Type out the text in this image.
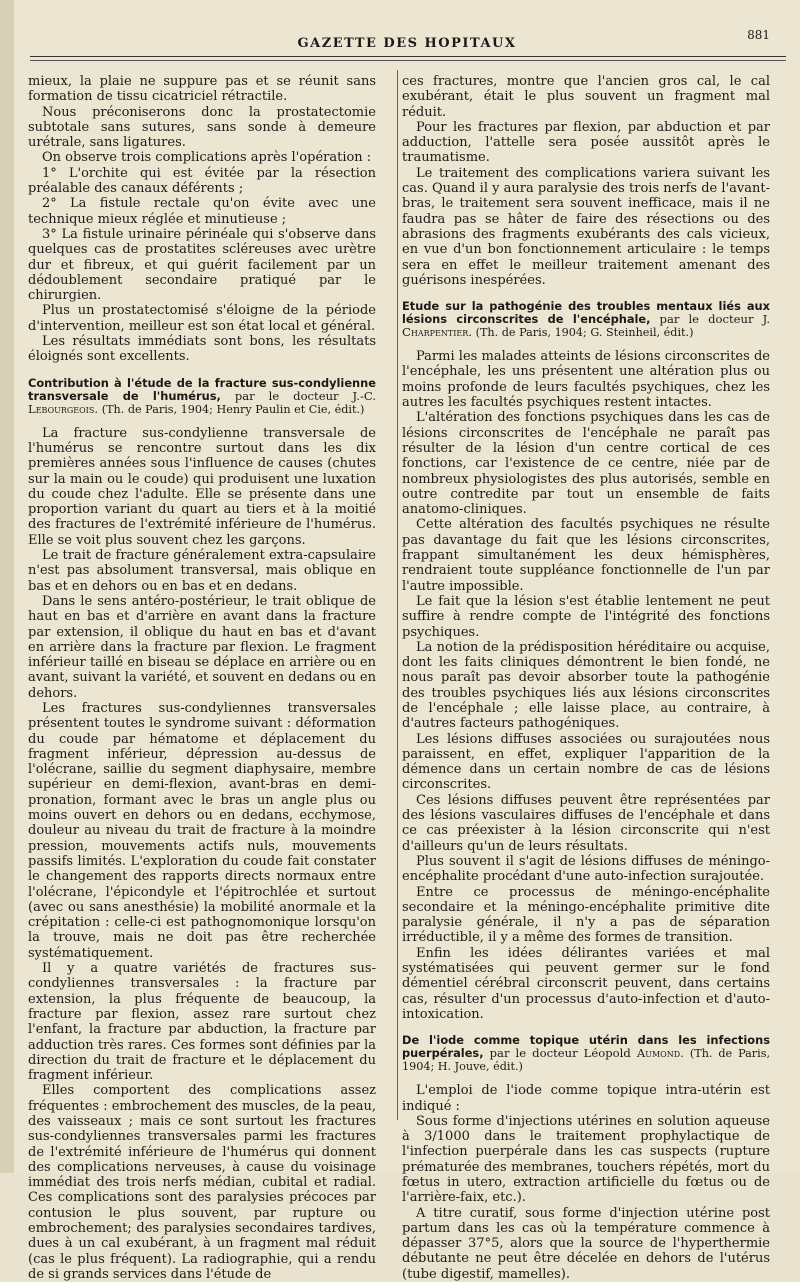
GAZETTE DES HOPITAUX
881

mieux, la plaie ne suppure pas et se réunit sans formation de tissu cicatriciel rétractile.

Nous préconiserons donc la prostatectomie subtotale sans sutures, sans sonde à demeure urétrale, sans ligatures.

On observe trois complications après l'opération :

1° L'orchite qui est évitée par la résection préalable des canaux déférents ;

2° La fistule rectale qu'on évite avec une technique mieux réglée et minutieuse ;

3° La fistule urinaire périnéale qui s'observe dans quelques cas de prostatites scléreuses avec urètre dur et fibreux, et qui guérit facilement par un dédoublement secondaire pratiqué par le chirurgien.

Plus un prostatectomisé s'éloigne de la période d'intervention, meilleur est son état local et général.

Les résultats immédiats sont bons, les résultats éloignés sont excellents.

Contribution à l'étude de la fracture sus-condylienne transversale de l'humérus, par le docteur J.-C. Lebourgeois. (Th. de Paris, 1904; Henry Paulin et Cie, édit.)

La fracture sus-condylienne transversale de l'humérus se rencontre surtout dans les dix premières années sous l'influence de causes (chutes sur la main ou le coude) qui produisent une luxation du coude chez l'adulte. Elle se présente dans une proportion variant du quart au tiers et à la moitié des fractures de l'extrémité inférieure de l'humérus. Elle se voit plus souvent chez les garçons.

Le trait de fracture généralement extra-capsulaire n'est pas absolument transversal, mais oblique en bas et en dehors ou en bas et en dedans.

Dans le sens antéro-postérieur, le trait oblique de haut en bas et d'arrière en avant dans la fracture par extension, il oblique du haut en bas et d'avant en arrière dans la fracture par flexion. Le fragment inférieur taillé en biseau se déplace en arrière ou en avant, suivant la variété, et souvent en dedans ou en dehors.

Les fractures sus-condyliennes transversales présentent toutes le syndrome suivant : déformation du coude par hématome et déplacement du fragment inférieur, dépression au-dessus de l'olécrane, saillie du segment diaphysaire, membre supérieur en demi-flexion, avant-bras en demi-pronation, formant avec le bras un angle plus ou moins ouvert en dehors ou en dedans, ecchymose, douleur au niveau du trait de fracture à la moindre pression, mouvements actifs nuls, mouvements passifs limités. L'exploration du coude fait constater le changement des rapports directs normaux entre l'olécrane, l'épicondyle et l'épitrochlée et surtout (avec ou sans anesthésie) la mobilité anormale et la crépitation : celle-ci est pathognomonique lorsqu'on la trouve, mais ne doit pas être recherchée systématiquement.

Il y a quatre variétés de fractures sus-condyliennes transversales : la fracture par extension, la plus fréquente de beaucoup, la fracture par flexion, assez rare surtout chez l'enfant, la fracture par abduction, la fracture par adduction très rares. Ces formes sont définies par la direction du trait de fracture et le déplacement du fragment inférieur.

Elles comportent des complications assez fréquentes : embrochement des muscles, de la peau, des vaisseaux ; mais ce sont surtout les fractures sus-condyliennes transversales parmi les fractures de l'extrémité inférieure de l'humérus qui donnent des complications nerveuses, à cause du voisinage immédiat des trois nerfs médian, cubital et radial. Ces complications sont des paralysies précoces par contusion le plus souvent, par rupture ou embrochement; des paralysies secondaires tardives, dues à un cal exubérant, à un fragment mal réduit (cas le plus fréquent). La radiographie, qui a rendu de si grands services dans l'étude de

ces fractures, montre que l'ancien gros cal, le cal exubérant, était le plus souvent un fragment mal réduit.

Pour les fractures par flexion, par abduction et par adduction, l'attelle sera posée aussitôt après le traumatisme.

Le traitement des complications variera suivant les cas. Quand il y aura paralysie des trois nerfs de l'avant-bras, le traitement sera souvent inefficace, mais il ne faudra pas se hâter de faire des résections ou des abrasions des fragments exubérants des cals vicieux, en vue d'un bon fonctionnement articulaire : le temps sera en effet le meilleur traitement amenant des guérisons inespérées.

Etude sur la pathogénie des troubles mentaux liés aux lésions circonscrites de l'encéphale, par le docteur J. Charpentier. (Th. de Paris, 1904; G. Steinheil, édit.)

Parmi les malades atteints de lésions circonscrites de l'encéphale, les uns présentent une altération plus ou moins profonde de leurs facultés psychiques, chez les autres les facultés psychiques restent intactes.

L'altération des fonctions psychiques dans les cas de lésions circonscrites de l'encéphale ne paraît pas résulter de la lésion d'un centre cortical de ces fonctions, car l'existence de ce centre, niée par de nombreux physiologistes des plus autorisés, semble en outre contredite par tout un ensemble de faits anatomo-cliniques.

Cette altération des facultés psychiques ne résulte pas davantage du fait que les lésions circonscrites, frappant simultanément les deux hémisphères, rendraient toute suppléance fonctionnelle de l'un par l'autre impossible.

Le fait que la lésion s'est établie lentement ne peut suffire à rendre compte de l'intégrité des fonctions psychiques.

La notion de la prédisposition héréditaire ou acquise, dont les faits cliniques démontrent le bien fondé, ne nous paraît pas devoir absorber toute la pathogénie des troubles psychiques liés aux lésions circonscrites de l'encéphale ; elle laisse place, au contraire, à d'autres facteurs pathogéniques.

Les lésions diffuses associées ou surajoutées nous paraissent, en effet, expliquer l'apparition de la démence dans un certain nombre de cas de lésions circonscrites.

Ces lésions diffuses peuvent être représentées par des lésions vasculaires diffuses de l'encéphale et dans ce cas préexister à la lésion circonscrite qui n'est d'ailleurs qu'un de leurs résultats.

Plus souvent il s'agit de lésions diffuses de méningo-encéphalite procédant d'une auto-infection surajoutée.

Entre ce processus de méningo-encéphalite secondaire et la méningo-encéphalite primitive dite paralysie générale, il n'y a pas de séparation irréductible, il y a même des formes de transition.

Enfin les idées délirantes variées et mal systématisées qui peuvent germer sur le fond démentiel cérébral circonscrit peuvent, dans certains cas, résulter d'un processus d'auto-infection et d'auto-intoxication.

De l'iode comme topique utérin dans les infections puerpérales, par le docteur Léopold Aumond. (Th. de Paris, 1904; H. Jouve, édit.)

L'emploi de l'iode comme topique intra-utérin est indiqué :

Sous forme d'injections utérines en solution aqueuse à 3/1000 dans le traitement prophylactique de l'infection puerpérale dans les cas suspects (rupture prématurée des membranes, touchers répétés, mort du fœtus in utero, extraction artificielle du fœtus ou de l'arrière-faix, etc.).

A titre curatif, sous forme d'injection utérine post partum dans les cas où la température commence à dépasser 37°5, alors que la source de l'hyperthermie débutante ne peut être décelée en dehors de l'utérus (tube digestif, mamelles).
